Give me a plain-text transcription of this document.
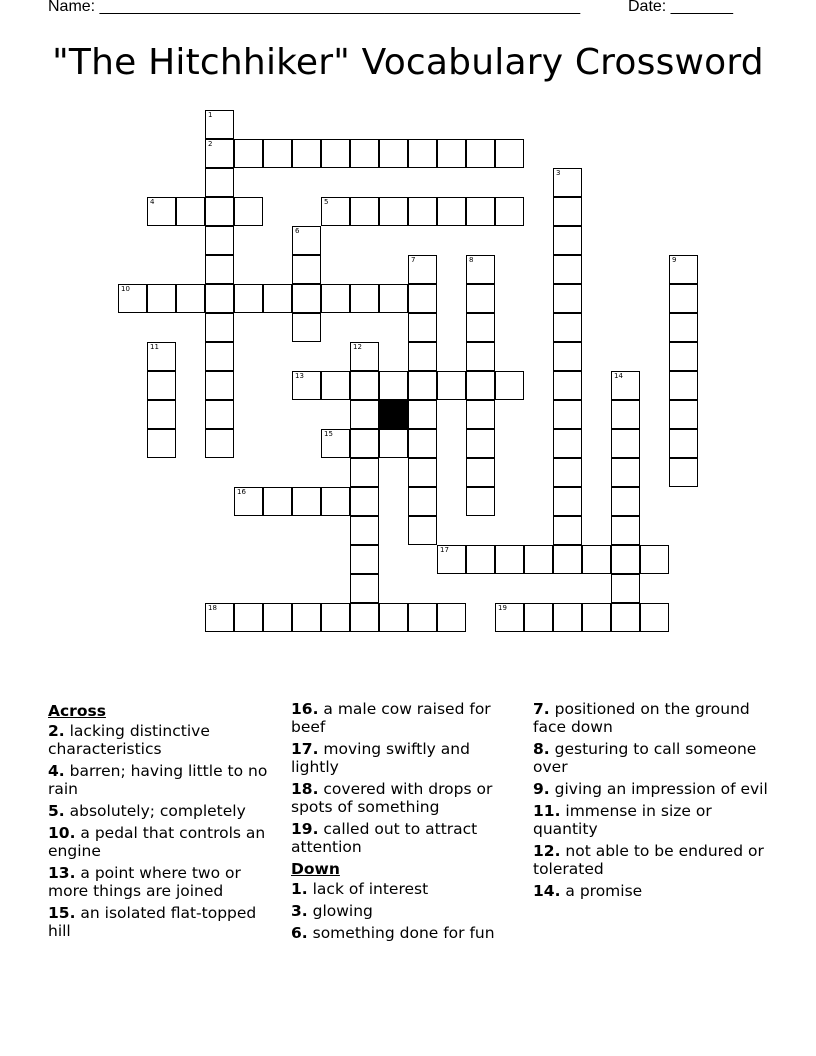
Name: ______________________________________________________	Date: _______
"The Hitchhiker" Vocabulary Crossword
2
4	5
10
13
15
16
17
18	19
1
3
6
7	8	9
11	12
14
Across
2. lacking distinctive characteristics
4. barren; having little to no rain
5. absolutely; completely
10. a pedal that controls an engine
13. a point where two or more things are joined
15. an isolated flat-topped hill
16. a male cow raised for beef
17. moving swiftly and lightly
18. covered with drops or spots of something
19. called out to attract attention
Down
1. lack of interest
3. glowing
6. something done for fun
7. positioned on the ground face down
8. gesturing to call someone over
9. giving an impression of evil
11. immense in size or quantity
12. not able to be endured or tolerated
14. a promise
